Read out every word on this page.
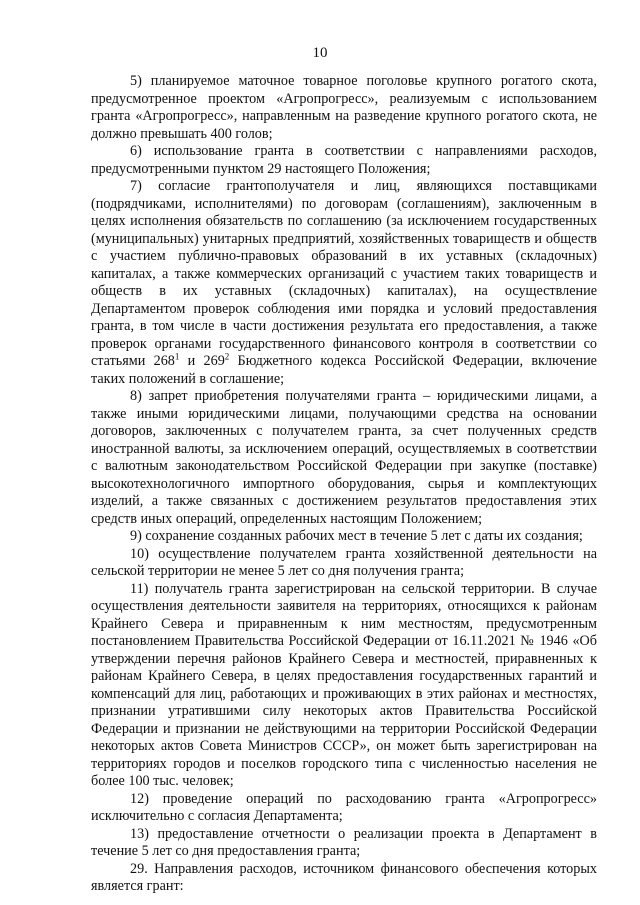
10

5) планируемое маточное товарное поголовье крупного рогатого скота, предусмотренное проектом «Агропрогресс», реализуемым с использованием гранта «Агропрогресс», направленным на разведение крупного рогатого скота, не должно превышать 400 голов;

6) использование гранта в соответствии с направлениями расходов, предусмотренными пунктом 29 настоящего Положения;

7) согласие грантополучателя и лиц, являющихся поставщиками (подрядчиками, исполнителями) по договорам (соглашениям), заключенным в целях исполнения обязательств по соглашению (за исключением государственных (муниципальных) унитарных предприятий, хозяйственных товариществ и обществ с участием публично-правовых образований в их уставных (складочных) капиталах, а также коммерческих организаций с участием таких товариществ и обществ в их уставных (складочных) капиталах), на осуществление Департаментом проверок соблюдения ими порядка и условий предоставления гранта, в том числе в части достижения результата его предоставления, а также проверок органами государственного финансового контроля в соответствии со статьями $268^1$ и $269^2$ Бюджетного кодекса Российской Федерации, включение таких положений в соглашение;

8) запрет приобретения получателями гранта – юридическими лицами, а также иными юридическими лицами, получающими средства на основании договоров, заключенных с получателем гранта, за счет полученных средств иностранной валюты, за исключением операций, осуществляемых в соответствии с валютным законодательством Российской Федерации при закупке (поставке) высокотехнологичного импортного оборудования, сырья и комплектующих изделий, а также связанных с достижением результатов предоставления этих средств иных операций, определенных настоящим Положением;

9) сохранение созданных рабочих мест в течение 5 лет с даты их создания;

10) осуществление получателем гранта хозяйственной деятельности на сельской территории не менее 5 лет со дня получения гранта;

11) получатель гранта зарегистрирован на сельской территории. В случае осуществления деятельности заявителя на территориях, относящихся к районам Крайнего Севера и приравненным к ним местностям, предусмотренным постановлением Правительства Российской Федерации от 16.11.2021 № 1946 «Об утверждении перечня районов Крайнего Севера и местностей, приравненных к районам Крайнего Севера, в целях предоставления государственных гарантий и компенсаций для лиц, работающих и проживающих в этих районах и местностях, признании утратившими силу некоторых актов Правительства Российской Федерации и признании не действующими на территории Российской Федерации некоторых актов Совета Министров СССР», он может быть зарегистрирован на территориях городов и поселков городского типа с численностью населения не более 100 тыс. человек;

12) проведение операций по расходованию гранта «Агропрогресс» исключительно с согласия Департамента;

13) предоставление отчетности о реализации проекта в Департамент в течение 5 лет со дня предоставления гранта;

29. Направления расходов, источником финансового обеспечения которых является грант:
